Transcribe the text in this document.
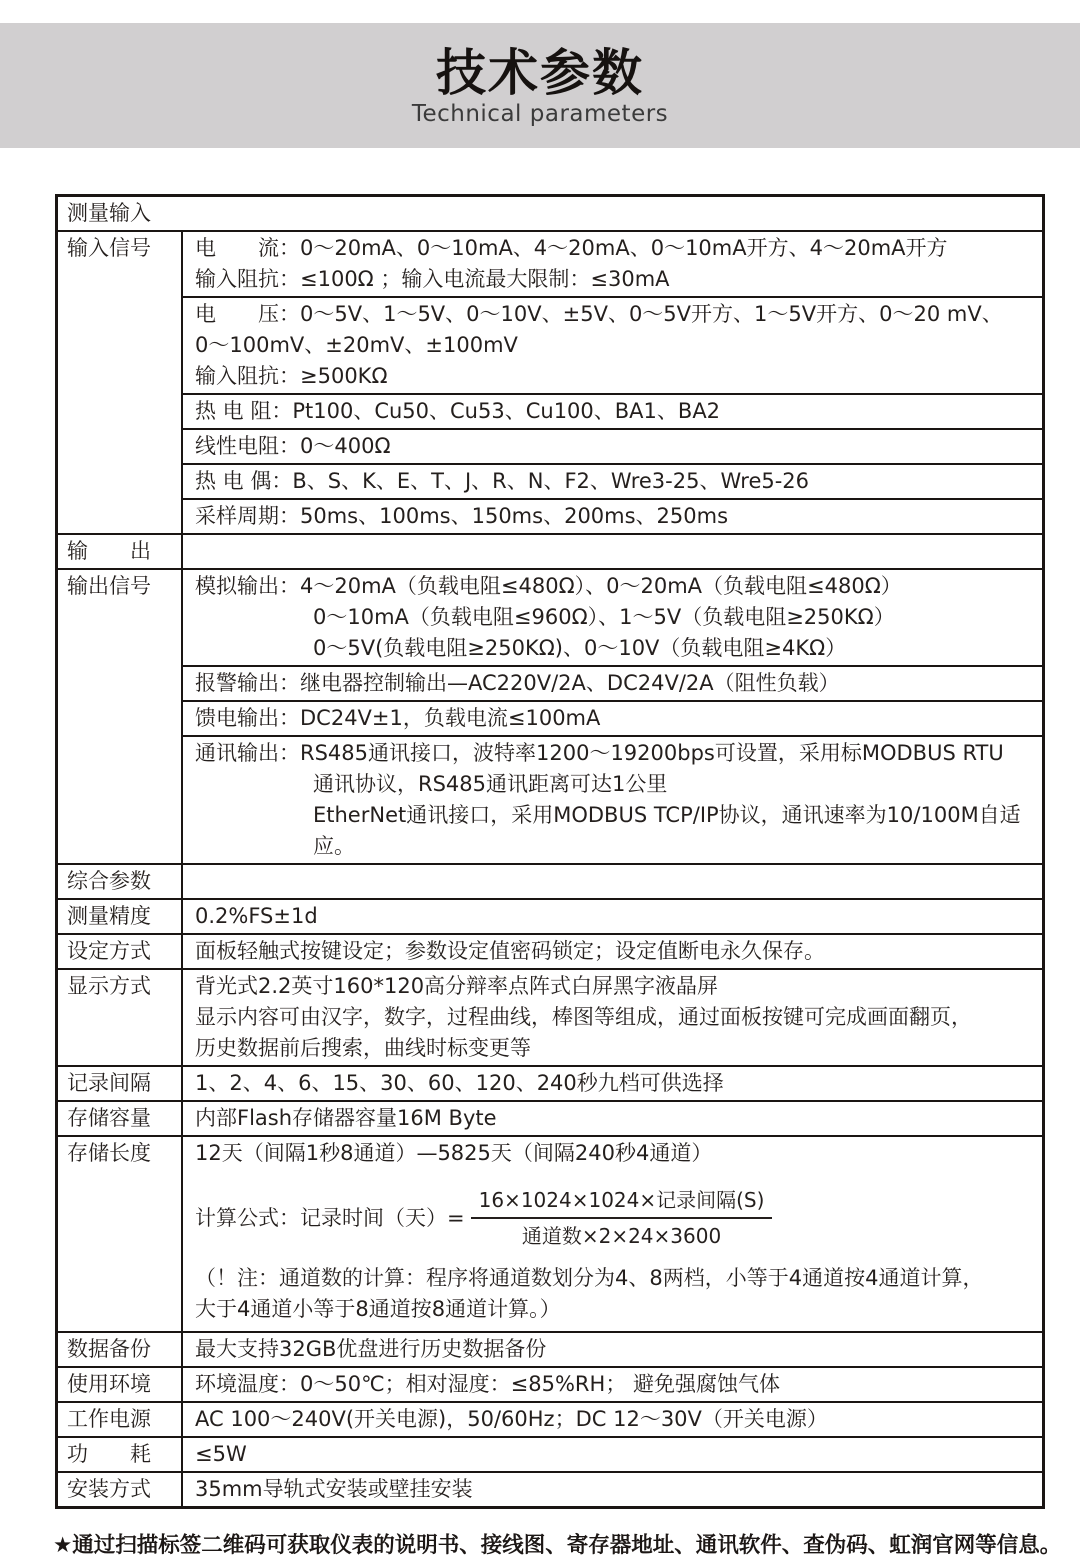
技术参数
Technical parameters
测量输入
输入信号	电　　流：0～20mA、0～10mA、4～20mA、0～10mA开方、4～20mA开方
输入阻抗：≤100Ω ；输入电流最大限制：≤30mA
电　　压：0～5V、1～5V、0～10V、±5V、0～5V开方、1～5V开方、0～20 mV、
0～100mV、±20mV、±100mV
输入阻抗：≥500KΩ
热 电 阻：Pt100、Cu50、Cu53、Cu100、BA1、BA2
线性电阻：0～400Ω
热 电 偶：B、S、K、E、T、J、R、N、F2、Wre3-25、Wre5-26
采样周期：50ms、100ms、150ms、200ms、250ms
输　　出
输出信号	模拟输出：4～20mA（负载电阻≤480Ω）、0～20mA（负载电阻≤480Ω）
0～10mA（负载电阻≤960Ω）、1～5V（负载电阻≥250KΩ）
0～5V(负载电阻≥250KΩ)、0～10V（负载电阻≥4KΩ）
报警输出：继电器控制输出—AC220V/2A、DC24V/2A（阻性负载）
馈电输出：DC24V±1，负载电流≤100mA
通讯输出：RS485通讯接口，波特率1200～19200bps可设置，采用标MODBUS RTU
通讯协议，RS485通讯距离可达1公里
EtherNet通讯接口，采用MODBUS TCP/IP协议，通讯速率为10/100M自适应。
综合参数
测量精度	0.2%FS±1d
设定方式	面板轻触式按键设定；参数设定值密码锁定；设定值断电永久保存。
显示方式	背光式2.2英寸160*120高分辩率点阵式白屏黑字液晶屏
显示内容可由汉字，数字，过程曲线，棒图等组成，通过面板按键可完成画面翻页，
历史数据前后搜索，曲线时标变更等
记录间隔	1、2、4、6、15、30、60、120、240秒九档可供选择
存储容量	内部Flash存储器容量16M Byte
存储长度	12天（间隔1秒8通道）—5825天（间隔240秒4通道）
计算公式：记录时间（天）= $\frac{\text{16×1024×1024×记录间隔(S)}}{\text{通道数×2×24×3600}}$
（！注：通道数的计算：程序将通道数划分为4、8两档，小等于4通道按4通道计算，
大于4通道小等于8通道按8通道计算。）
数据备份	最大支持32GB优盘进行历史数据备份
使用环境	环境温度：0～50℃；相对湿度：≤85%RH； 避免强腐蚀气体
工作电源	AC 100～240V(开关电源)，50/60Hz；DC 12～30V（开关电源）
功　　耗	≤5W
安装方式	35mm导轨式安装或壁挂安装
★通过扫描标签二维码可获取仪表的说明书、接线图、寄存器地址、通讯软件、查伪码、虹润官网等信息。
